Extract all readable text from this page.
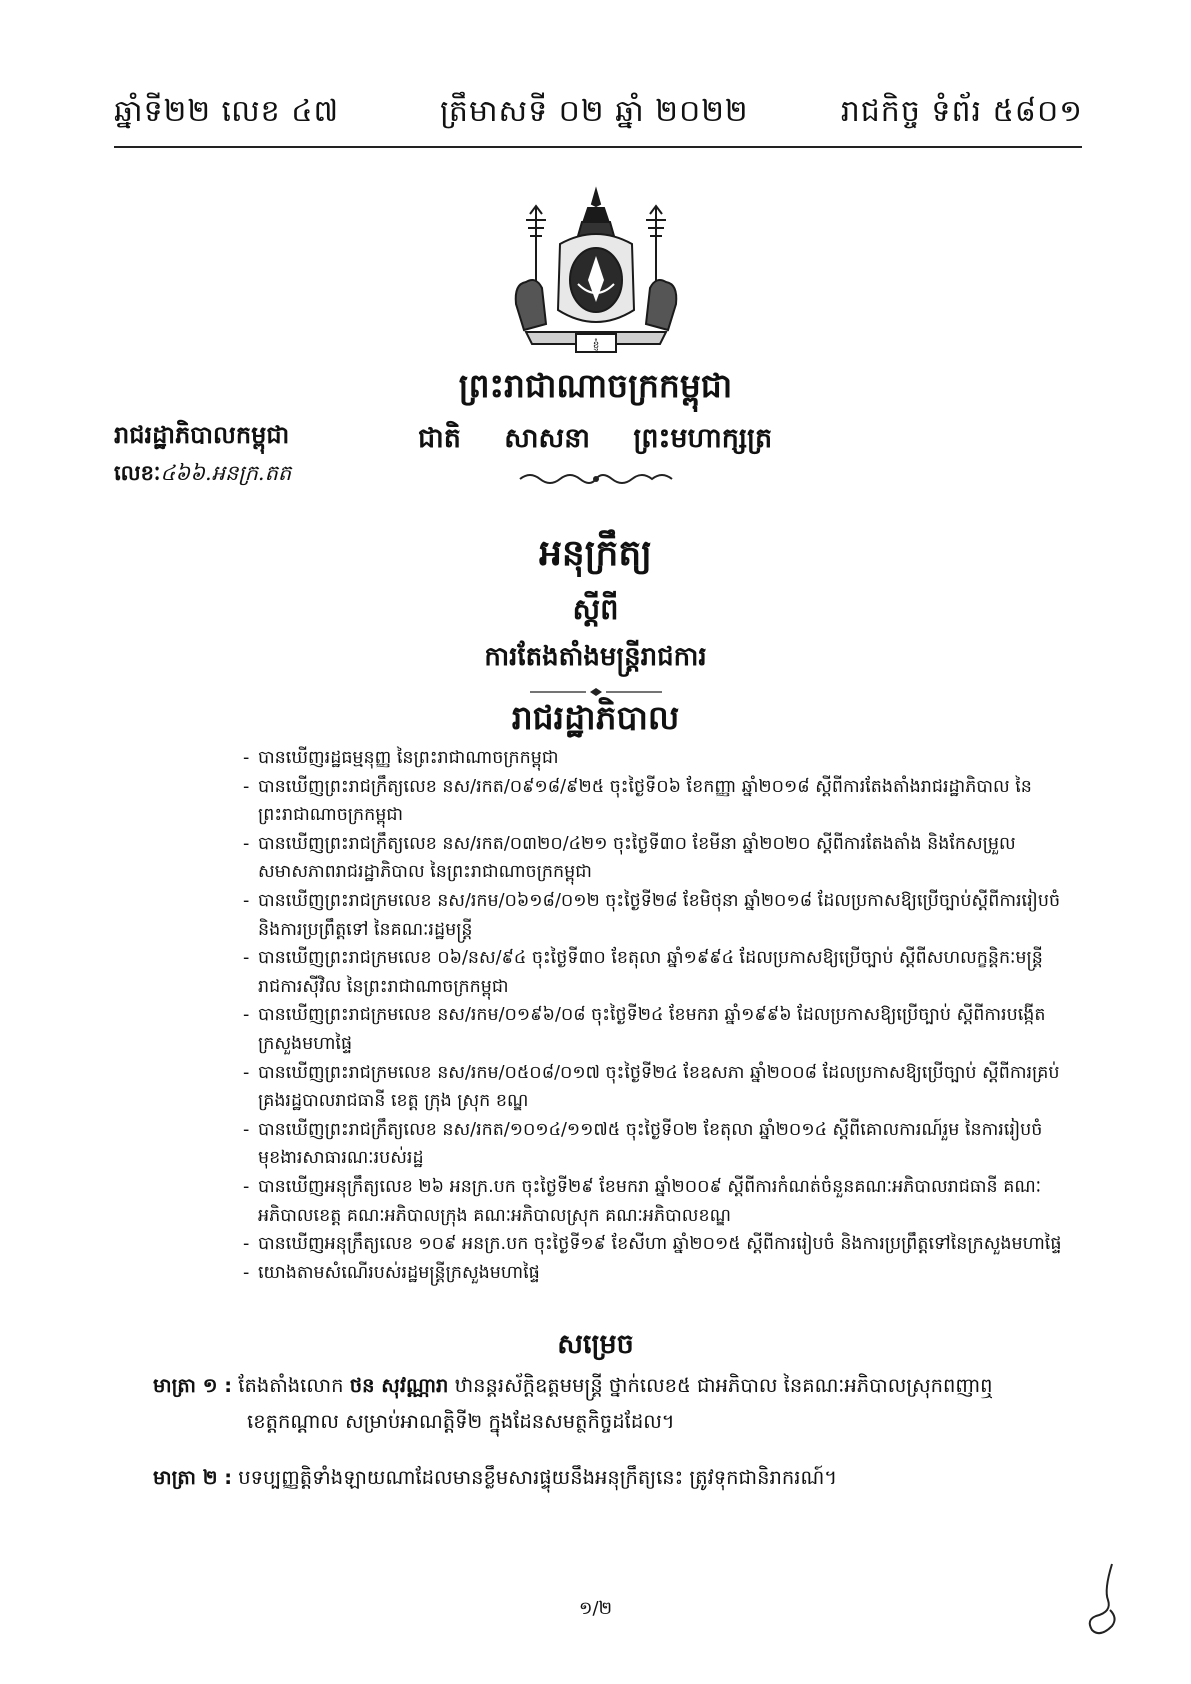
ឆ្នាំទី២២ លេខ ៤៧	ត្រឹមាសទី ០២ ឆ្នាំ ២០២២	រាជកិច្ច ទំព័រ ៥៨០១
ខ្ញុំ
ព្រះរាជាណាចក្រកម្ពុជា
ជាតិ សាសនា ព្រះមហាក្សត្រ
រាជរដ្ឋាភិបាលកម្ពុជា
លេខៈ៤៦៦.អនក្រ.តត
អនុក្រឹត្យ
ស្តីពី
ការតែងតាំងមន្ត្រីរាជការ
រាជរដ្ឋាភិបាល
- បានឃើញរដ្ឋធម្មនុញ្ញ នៃព្រះរាជាណាចក្រកម្ពុជា
- បានឃើញព្រះរាជក្រឹត្យលេខ នស/រកត/០៩១៨/៩២៥ ចុះថ្ងៃទី០៦ ខែកញ្ញា ឆ្នាំ២០១៨ ស្តីពីការតែងតាំងរាជរដ្ឋាភិបាល នៃព្រះរាជាណាចក្រកម្ពុជា
- បានឃើញព្រះរាជក្រឹត្យលេខ នស/រកត/០៣២០/៤២១ ចុះថ្ងៃទី៣០ ខែមីនា ឆ្នាំ២០២០ ស្តីពីការតែងតាំង និងកែសម្រួលសមាសភាពរាជរដ្ឋាភិបាល នៃព្រះរាជាណាចក្រកម្ពុជា
- បានឃើញព្រះរាជក្រមលេខ នស/រកម/០៦១៨/០១២ ចុះថ្ងៃទី២៨ ខែមិថុនា ឆ្នាំ២០១៨ ដែលប្រកាសឱ្យប្រើច្បាប់ស្តីពីការរៀបចំ និងការប្រព្រឹត្តទៅ នៃគណៈរដ្ឋមន្ត្រី
- បានឃើញព្រះរាជក្រមលេខ ០៦/នស/៩៤ ចុះថ្ងៃទី៣០ ខែតុលា ឆ្នាំ១៩៩៤ ដែលប្រកាសឱ្យប្រើច្បាប់ ស្តីពីសហលក្ខន្តិកៈមន្ត្រីរាជការស៊ីវិល នៃព្រះរាជាណាចក្រកម្ពុជា
- បានឃើញព្រះរាជក្រមលេខ នស/រកម/០១៩៦/០៨ ចុះថ្ងៃទី២៤ ខែមករា ឆ្នាំ១៩៩៦ ដែលប្រកាសឱ្យប្រើច្បាប់ ស្តីពីការបង្កើតក្រសួងមហាផ្ទៃ
- បានឃើញព្រះរាជក្រមលេខ នស/រកម/០៥០៨/០១៧ ចុះថ្ងៃទី២៤ ខែឧសភា ឆ្នាំ២០០៨ ដែលប្រកាសឱ្យប្រើច្បាប់ ស្តីពីការគ្រប់គ្រងរដ្ឋបាលរាជធានី ខេត្ត ក្រុង ស្រុក ខណ្ឌ
- បានឃើញព្រះរាជក្រឹត្យលេខ នស/រកត/១០១៤/១១៧៥ ចុះថ្ងៃទី០២ ខែតុលា ឆ្នាំ២០១៤ ស្តីពីគោលការណ៍រួម នៃការរៀបចំមុខងារសាធារណៈរបស់រដ្ឋ
- បានឃើញអនុក្រឹត្យលេខ ២៦ អនក្រ.បក ចុះថ្ងៃទី២៩ ខែមករា ឆ្នាំ២០០៩ ស្តីពីការកំណត់ចំនួនគណៈអភិបាលរាជធានី គណៈអភិបាលខេត្ត គណៈអភិបាលក្រុង គណៈអភិបាលស្រុក គណៈអភិបាលខណ្ឌ
- បានឃើញអនុក្រឹត្យលេខ ១០៩ អនក្រ.បក ចុះថ្ងៃទី១៩ ខែសីហា ឆ្នាំ២០១៥ ស្តីពីការរៀបចំ និងការប្រព្រឹត្តទៅនៃក្រសួងមហាផ្ទៃ
- យោងតាមសំណើរបស់រដ្ឋមន្ត្រីក្រសួងមហាផ្ទៃ
សម្រេច
មាត្រា ១ : តែងតាំងលោក ថន សុវណ្ណារា ឋានន្តរស័ក្តិឧត្តមមន្ត្រី ថ្នាក់លេខ៥ ជាអភិបាល នៃគណៈអភិបាលស្រុកពញាឮ
ខេត្តកណ្តាល សម្រាប់អាណត្តិទី២ ក្នុងដែនសមត្ថកិច្ចដដែល។
មាត្រា ២ : បទប្បញ្ញត្តិទាំងឡាយណាដែលមានខ្លឹមសារផ្ទុយនឹងអនុក្រឹត្យនេះ ត្រូវទុកជានិរាករណ៍។
១/២
